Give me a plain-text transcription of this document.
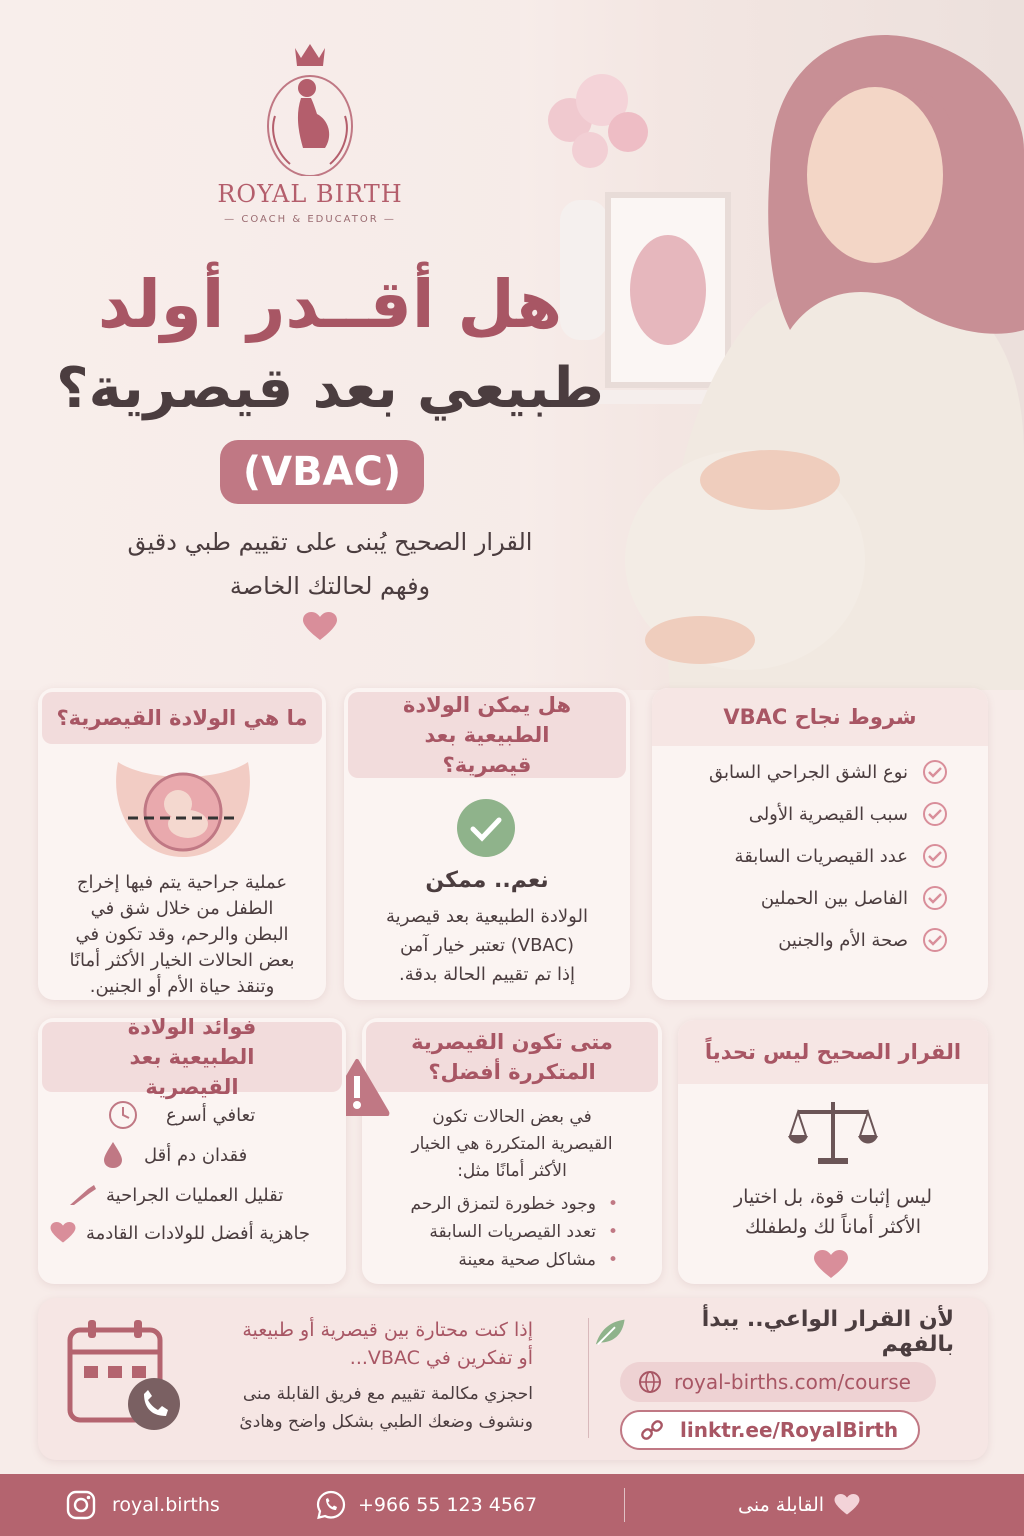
ROYAL BIRTH
— COACH & EDUCATOR —
هل أقــدر أولد
طبيعي بعد قيصرية؟
(VBAC)
القرار الصحيح يُبنى على تقييم طبي دقيق
وفهم لحالتك الخاصة
شروط نجاح VBAC
نوع الشق الجراحي السابق
سبب القيصرية الأولى
عدد القيصريات السابقة
الفاصل بين الحملين
صحة الأم والجنين
هل يمكن الولادة الطبيعية بعد قيصرية؟
نعم.. ممكن
الولادة الطبيعية بعد قيصرية
(VBAC) تعتبر خيار آمن
إذا تم تقييم الحالة بدقة.
ما هي الولادة القيصرية؟
عملية جراحية يتم فيها إخراج
الطفل من خلال شق في
البطن والرحم، وقد تكون في
بعض الحالات الخيار الأكثر أمانًا
وتنقذ حياة الأم أو الجنين.
القرار الصحيح ليس تحدياً
ليس إثبات قوة، بل اختيار
الأكثر أماناً لك ولطفلك
متى تكون القيصرية المتكررة أفضل؟
في بعض الحالات تكون
القيصرية المتكررة هي الخيار
الأكثر أمانًا مثل:
• وجود خطورة لتمزق الرحم
• تعدد القيصريات السابقة
• مشاكل صحية معينة
فوائد الولادة الطبيعية بعد القيصرية
تعافي أسرع
فقدان دم أقل
تقليل العمليات الجراحية
جاهزية أفضل للولادات القادمة
إذا كنت محتارة بين قيصرية أو طبيعية
أو تفكرين في VBAC...
احجزي مكالمة تقييم مع فريق القابلة منى
ونشوف وضعك الطبي بشكل واضح وهادئ
لأن القرار الواعي.. يبدأ بالفهم
royal-births.com/course
linktr.ee/RoyalBirth
royal.births	+966 55 123 4567	القابلة منى
